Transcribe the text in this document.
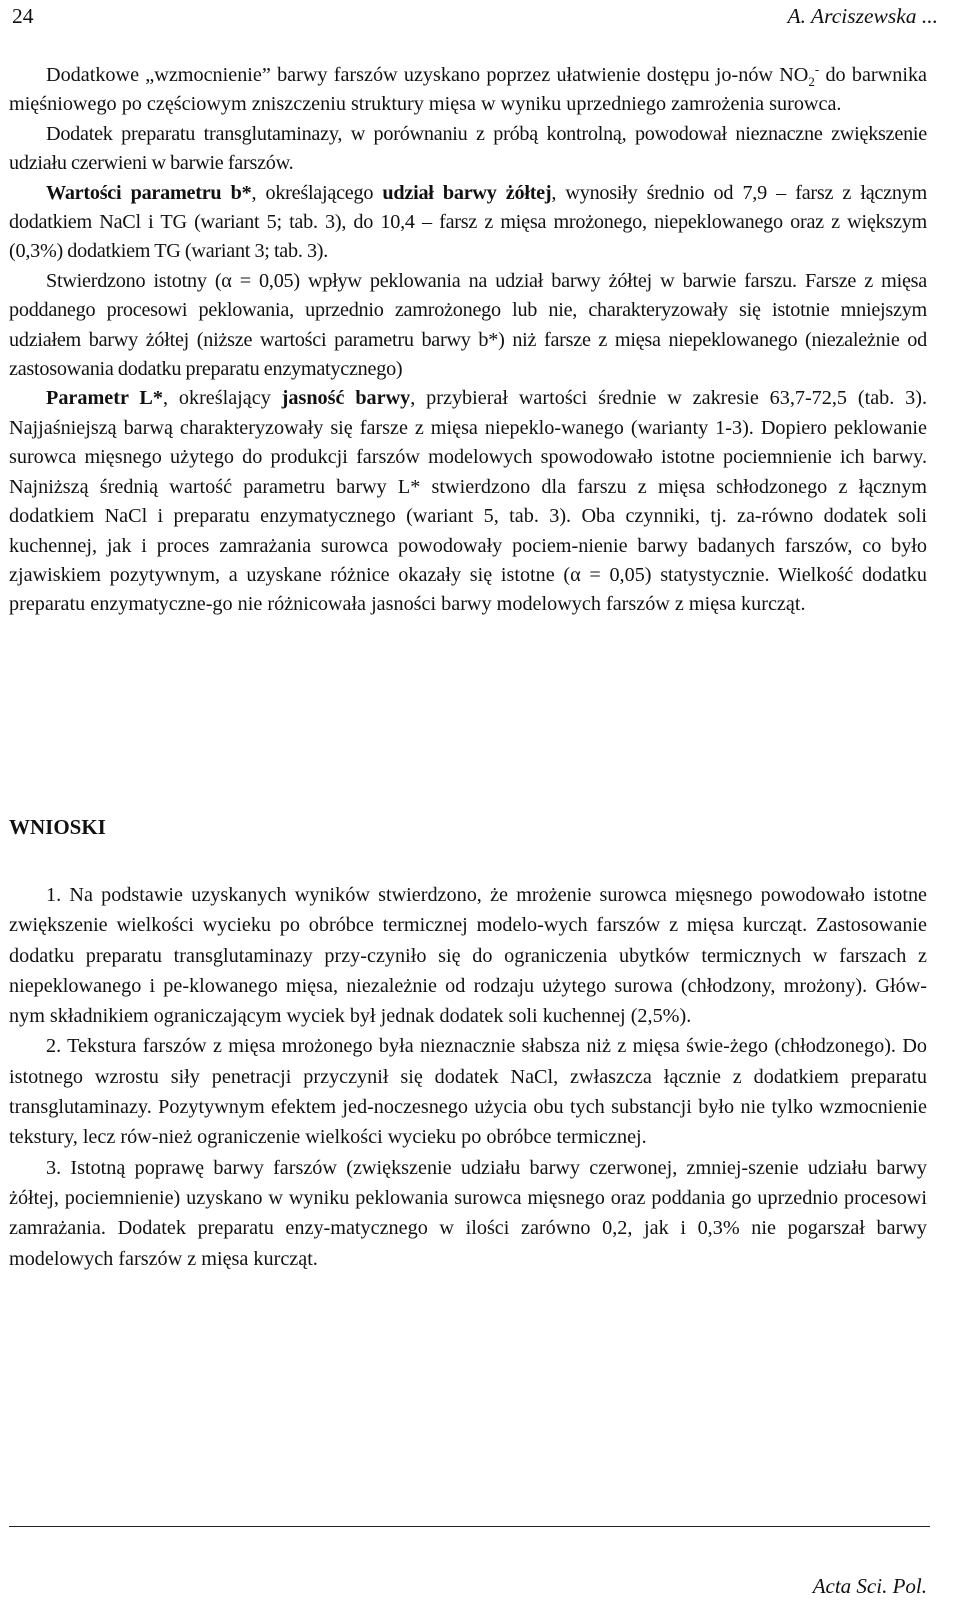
24	A. Arciszewska ...

Dodatkowe „wzmocnienie” barwy farszów uzyskano poprzez ułatwienie dostępu jo-nów $NO_2^-$ do barwnika mięśniowego po częściowym zniszczeniu struktury mięsa w wyniku uprzedniego zamrożenia surowca.

Dodatek preparatu transglutaminazy, w porównaniu z próbą kontrolną, powodował nieznaczne zwiększenie udziału czerwieni w barwie farszów.

Wartości parametru b*, określającego udział barwy żółtej, wynosiły średnio od 7,9 – farsz z łącznym dodatkiem NaCl i TG (wariant 5; tab. 3), do 10,4 – farsz z mięsa mrożonego, niepeklowanego oraz z większym (0,3%) dodatkiem TG (wariant 3; tab. 3).

Stwierdzono istotny (α = 0,05) wpływ peklowania na udział barwy żółtej w barwie farszu. Farsze z mięsa poddanego procesowi peklowania, uprzednio zamrożonego lub nie, charakteryzowały się istotnie mniejszym udziałem barwy żółtej (niższe wartości parametru barwy b*) niż farsze z mięsa niepeklowanego (niezależnie od zastosowania dodatku preparatu enzymatycznego)

Parametr L*, określający jasność barwy, przybierał wartości średnie w zakresie 63,7-72,5 (tab. 3). Najjaśniejszą barwą charakteryzowały się farsze z mięsa niepeklo-wanego (warianty 1-3). Dopiero peklowanie surowca mięsnego użytego do produkcji farszów modelowych spowodowało istotne pociemnienie ich barwy. Najniższą średnią wartość parametru barwy L* stwierdzono dla farszu z mięsa schłodzonego z łącznym dodatkiem NaCl i preparatu enzymatycznego (wariant 5, tab. 3). Oba czynniki, tj. za-równo dodatek soli kuchennej, jak i proces zamrażania surowca powodowały pociem-nienie barwy badanych farszów, co było zjawiskiem pozytywnym, a uzyskane różnice okazały się istotne (α = 0,05) statystycznie. Wielkość dodatku preparatu enzymatyczne-go nie różnicowała jasności barwy modelowych farszów z mięsa kurcząt.

WNIOSKI

1. Na podstawie uzyskanych wyników stwierdzono, że mrożenie surowca mięsnego powodowało istotne zwiększenie wielkości wycieku po obróbce termicznej modelo-wych farszów z mięsa kurcząt. Zastosowanie dodatku preparatu transglutaminazy przy-czyniło się do ograniczenia ubytków termicznych w farszach z niepeklowanego i pe-klowanego mięsa, niezależnie od rodzaju użytego surowa (chłodzony, mrożony). Głów-nym składnikiem ograniczającym wyciek był jednak dodatek soli kuchennej (2,5%).

2. Tekstura farszów z mięsa mrożonego była nieznacznie słabsza niż z mięsa świe-żego (chłodzonego). Do istotnego wzrostu siły penetracji przyczynił się dodatek NaCl, zwłaszcza łącznie z dodatkiem preparatu transglutaminazy. Pozytywnym efektem jed-noczesnego użycia obu tych substancji było nie tylko wzmocnienie tekstury, lecz rów-nież ograniczenie wielkości wycieku po obróbce termicznej.

3. Istotną poprawę barwy farszów (zwiększenie udziału barwy czerwonej, zmniej-szenie udziału barwy żółtej, pociemnienie) uzyskano w wyniku peklowania surowca mięsnego oraz poddania go uprzednio procesowi zamrażania. Dodatek preparatu enzy-matycznego w ilości zarówno 0,2, jak i 0,3% nie pogarszał barwy modelowych farszów z mięsa kurcząt.

Acta Sci. Pol.
